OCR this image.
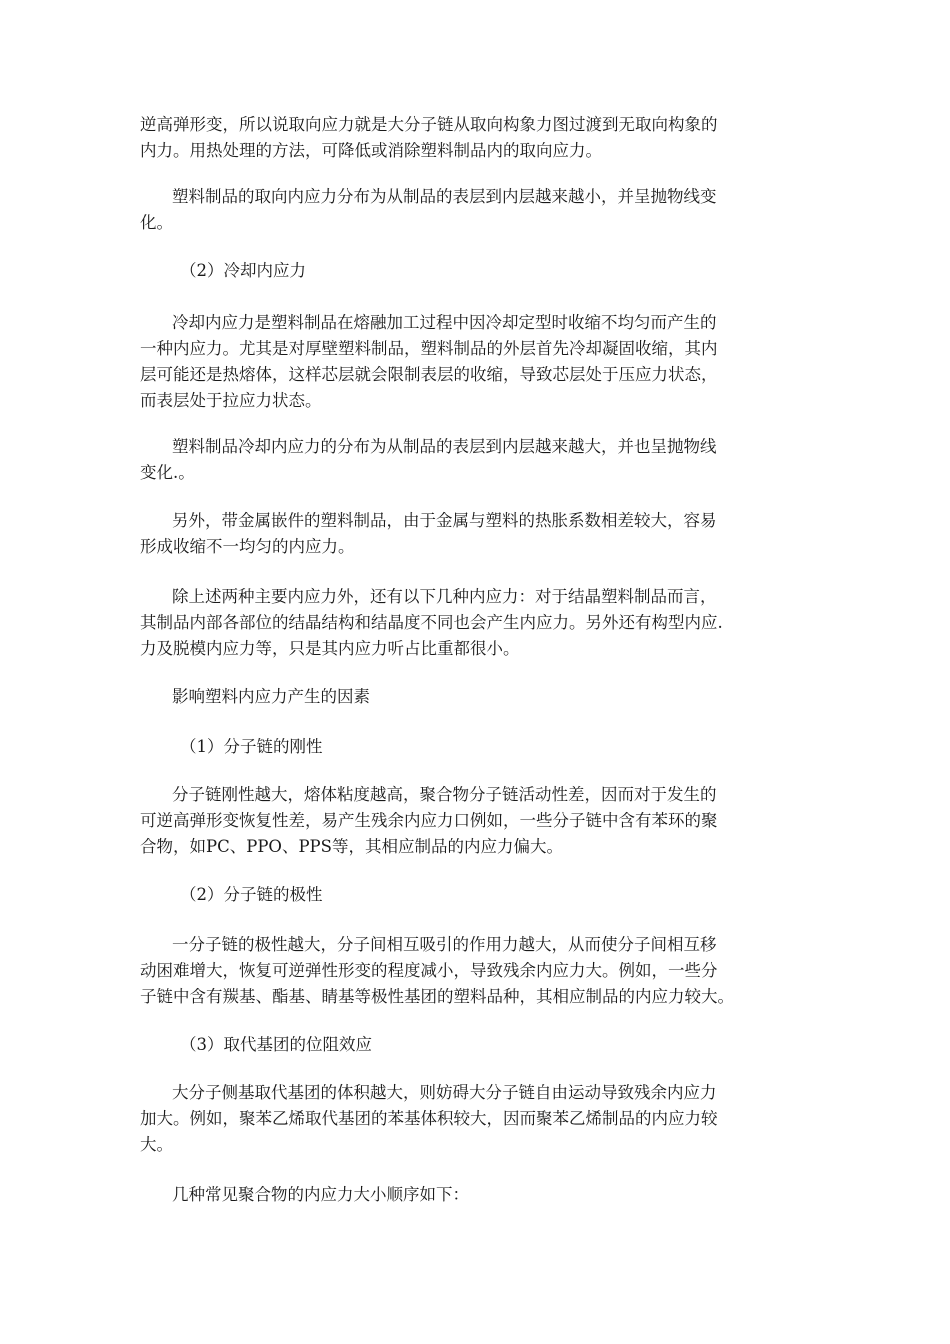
逆高弹形变，所以说取向应力就是大分子链从取向构象力图过渡到无取向构象的
内力。用热处理的方法，可降低或消除塑料制品内的取向应力。

塑料制品的取向内应力分布为从制品的表层到内层越来越小，并呈抛物线变
化。

（2）冷却内应力

冷却内应力是塑料制品在熔融加工过程中因冷却定型时收缩不均匀而产生的
一种内应力。尤其是对厚壁塑料制品，塑料制品的外层首先冷却凝固收缩，其内
层可能还是热熔体，这样芯层就会限制表层的收缩，导致芯层处于压应力状态，
而表层处于拉应力状态。

塑料制品冷却内应力的分布为从制品的表层到内层越来越大，并也呈抛物线
变化.。

另外，带金属嵌件的塑料制品，由于金属与塑料的热胀系数相差较大，容易
形成收缩不一均匀的内应力。

除上述两种主要内应力外，还有以下几种内应力：对于结晶塑料制品而言，
其制品内部各部位的结晶结构和结晶度不同也会产生内应力。另外还有构型内应.
力及脱模内应力等，只是其内应力听占比重都很小。

影响塑料内应力产生的因素

（1）分子链的刚性

分子链刚性越大，熔体粘度越高，聚合物分子链活动性差，因而对于发生的
可逆高弹形变恢复性差，易产生残余内应力口例如，一些分子链中含有苯环的聚
合物，如PC、PPO、PPS等，其相应制品的内应力偏大。

（2）分子链的极性

一分子链的极性越大，分子间相互吸引的作用力越大，从而使分子间相互移
动困难增大，恢复可逆弹性形变的程度减小，导致残余内应力大。例如，一些分
子链中含有羰基、酯基、睛基等极性基团的塑料品种，其相应制品的内应力较大。

（3）取代基团的位阻效应

大分子侧基取代基团的体积越大，则妨碍大分子链自由运动导致残余内应力
加大。例如，聚苯乙烯取代基团的苯基体积较大，因而聚苯乙烯制品的内应力较
大。

几种常见聚合物的内应力大小顺序如下：
